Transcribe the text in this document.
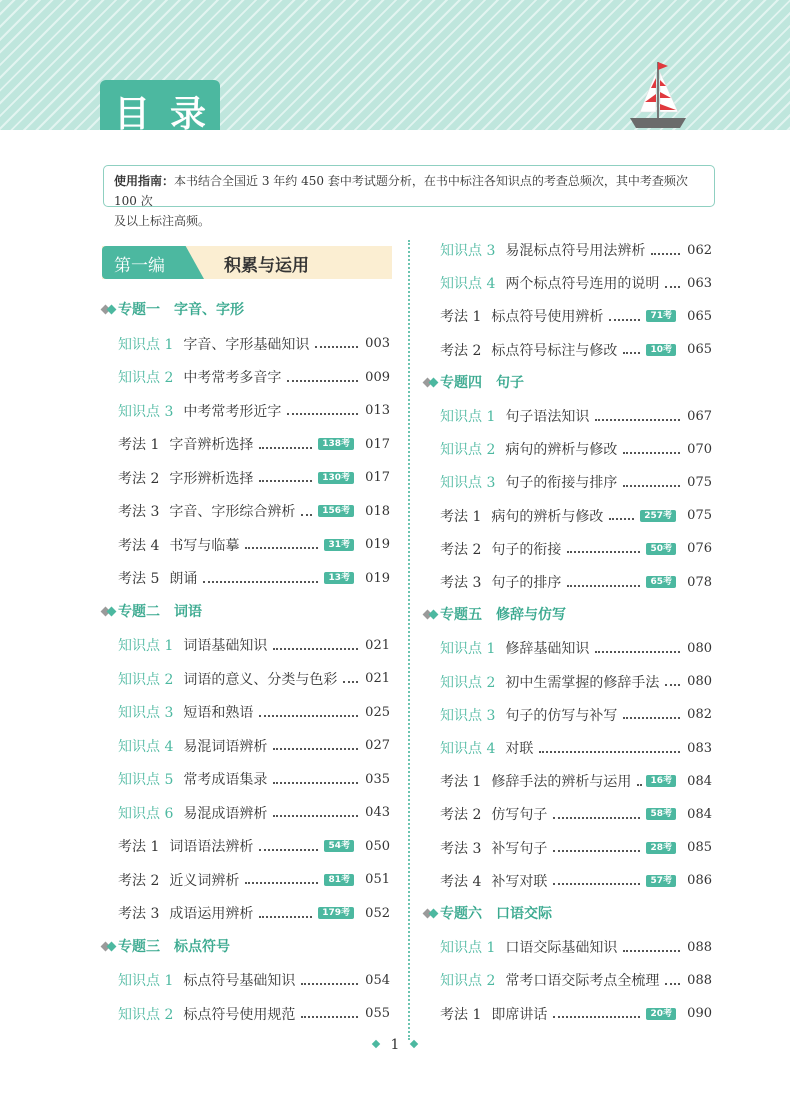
目 录
使用指南：本书结合全国近 3 年约 450 套中考试题分析，在书中标注各知识点的考查总频次，其中考查频次 100 次
及以上标注高频。
第一编	积累与运用
专题一 字音、字形
知识点 1 字音、字形基础知识	003
知识点 2 中考常考多音字	009
知识点 3 中考常考形近字	013
考法 1 字音辨析选择	138考	017
考法 2 字形辨析选择	130考	017
考法 3 字音、字形综合辨析	156考	018
考法 4 书写与临摹	31考	019
考法 5 朗诵	13考	019
专题二 词语
知识点 1 词语基础知识	021
知识点 2 词语的意义、分类与色彩 021
知识点 3 短语和熟语	025
知识点 4 易混词语辨析	027
知识点 5 常考成语集录	035
知识点 6 易混成语辨析	043
考法 1 词语语法辨析	54考	050
考法 2 近义词辨析	81考	051
考法 3 成语运用辨析	179考	052
专题三 标点符号
知识点 1 标点符号基础知识	054
知识点 2 标点符号使用规范	055
知识点 3 易混标点符号用法辨析	062
知识点 4 两个标点符号连用的说明 063
考法 1 标点符号使用辨析	71考	065
考法 2 标点符号标注与修改	10考	065
专题四 句子
知识点 1 句子语法知识	067
知识点 2 病句的辨析与修改	070
知识点 3 句子的衔接与排序	075
考法 1 病句的辨析与修改	257考	075
考法 2 句子的衔接	50考	076
考法 3 句子的排序	65考	078
专题五 修辞与仿写
知识点 1 修辞基础知识	080
知识点 2 初中生需掌握的修辞手法 080
知识点 3 句子的仿写与补写	082
知识点 4 对联	083
考法 1 修辞手法的辨析与运用	16考	084
考法 2 仿写句子	58考	084
考法 3 补写句子	28考	085
考法 4 补写对联	57考	086
专题六 口语交际
知识点 1 口语交际基础知识	088
知识点 2 常考口语交际考点全梳理 088
考法 1 即席讲话	20考	090
1
